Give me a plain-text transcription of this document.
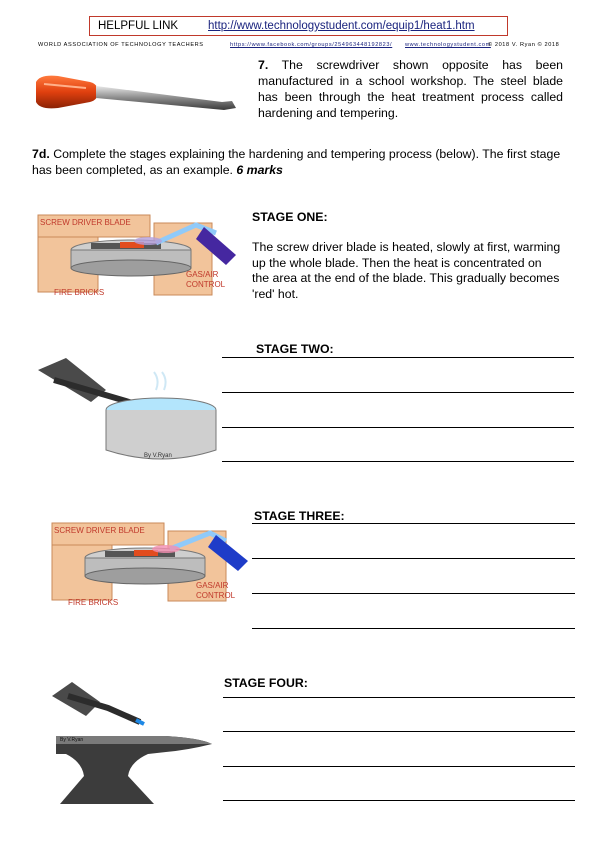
HELPFUL LINK	http://www.technologystudent.com/equip1/heat1.htm
WORLD ASSOCIATION OF TECHNOLOGY TEACHERS	https://www.facebook.com/groups/254963448192823/ www.technologystudent.com
© 2018 V. Ryan © 2018
7. The screwdriver shown opposite has been manufactured in a school workshop. The steel blade has been through the heat treatment process called hardening and tempering.
7d. Complete the stages explaining the hardening and tempering process (below). The first stage has been completed, as an example. 6 marks
SCREW DRIVER BLADE
FIRE BRICKS
GAS/AIR
CONTROL
STAGE ONE:
The screw driver blade is heated, slowly at first, warming up the whole blade. Then the heat is concentrated on the area at the end of the blade. This gradually becomes 'red' hot.
By V.Ryan
STAGE TWO:
SCREW DRIVER BLADE
FIRE BRICKS
GAS/AIR
CONTROL
STAGE THREE:
By V.Ryan
STAGE FOUR:
